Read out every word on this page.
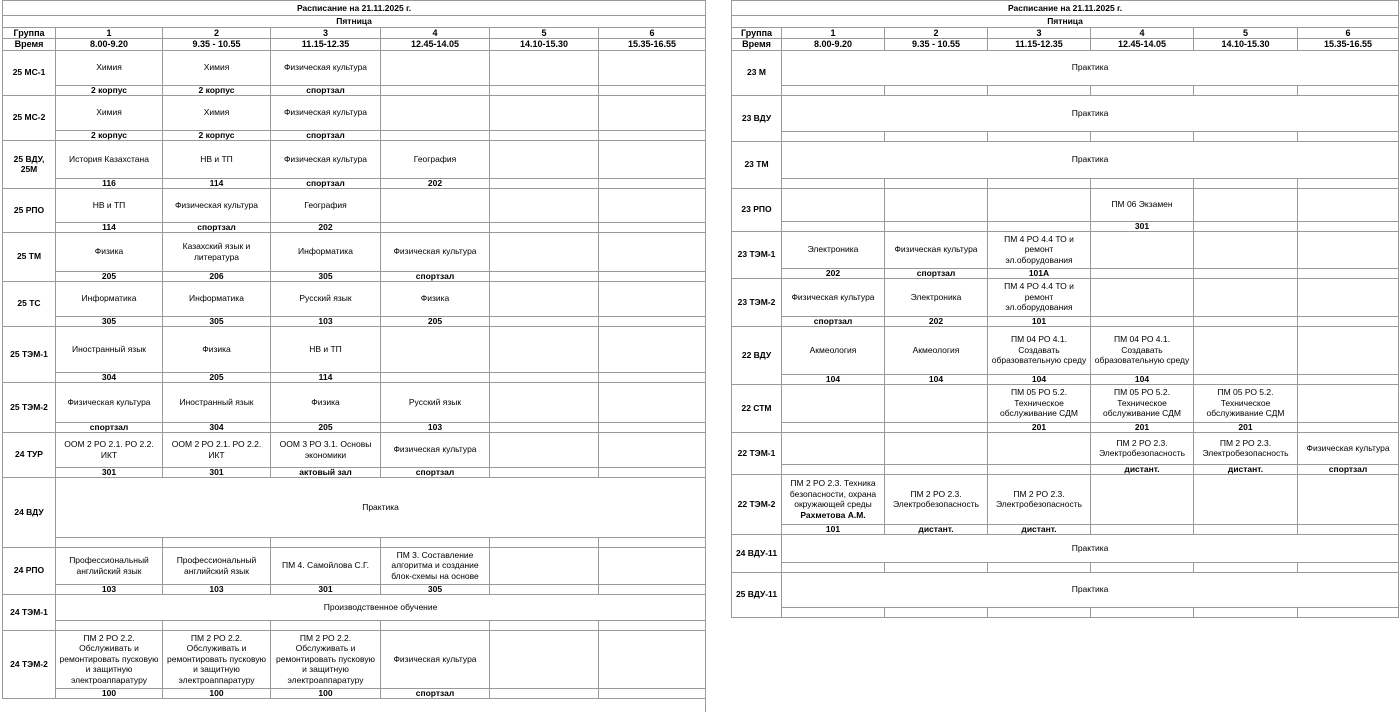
Расписание на 21.11.2025 г.						
Пятница						
Группа	1	2	3	4	5	6
Время	8.00-9.20	9.35 - 10.55	11.15-12.35	12.45-14.05	14.10-15.30	15.35-16.55
25 МС-1	Химия	Химия	Физическая культура			

	2 корпус	2 корпус	спортзал			
25 МС-2	Химия	Химия	Физическая культура			

	2 корпус	2 корпус	спортзал			
25 ВДУ, 25М	История Казахстана	НВ и ТП	Физическая культура	География		

	116	114	спортзал	202		
25 РПО	НВ и ТП	Физическая культура	География			

	114	спортзал	202			
25 ТМ	Физика	Казахский язык и литература	Информатика	Физическая культура		

	205	206	305	спортзал		
25 ТС	Информатика	Информатика	Русский язык	Физика		

	305	305	103	205		
25 ТЭМ-1	Иностранный язык	Физика	НВ и ТП			

	304	205	114			
25 ТЭМ-2	Физическая культура	Иностранный язык	Физика	Русский язык		

	спортзал	304	205	103		
24 ТУР	ООМ 2 РО 2.1. РО 2.2. ИКТ	ООМ 2 РО 2.1. РО 2.2. ИКТ	ООМ 3 РО 3.1. Основы экономики	Физическая культура		

	301	301	актовый зал	спортзал		
24 ВДУ	Практика					

24 РПО	Профессиональный английский язык	Профессиональный английский язык	ПМ 4. Самойлова С.Г.	ПМ 3. Составление алгоритма и создание блок-схемы на основе		

	103	103	301	305		
24 ТЭМ-1	Производственное обучение					

24 ТЭМ-2	ПМ 2 РО 2.2. Обслуживать и ремонтировать пусковую и защитную электроаппаратуру	ПМ 2 РО 2.2. Обслуживать и ремонтировать пусковую и защитную электроаппаратуру	ПМ 2 РО 2.2. Обслуживать и ремонтировать пусковую и защитную электроаппаратуру	Физическая культура		

	100	100	100	спортзал		
Расписание на 21.11.2025 г.						
Пятница						
Группа	1	2	3	4	5	6
Время	8.00-9.20	9.35 - 10.55	11.15-12.35	12.45-14.05	14.10-15.30	15.35-16.55
23 М	Практика					

23 ВДУ	Практика					

23 ТМ	Практика					

23 РПО				ПМ 06 Экзамен		

				301		
23 ТЭМ-1	Электроника	Физическая культура	ПМ 4 РО 4.4 ТО и ремонт эл.оборудования			

	202	спортзал	101А			
23 ТЭМ-2	Физическая культура	Электроника	ПМ 4 РО 4.4 ТО и ремонт эл.оборудования			

	спортзал	202	101			
22 ВДУ	Акмеология	Акмеология	ПМ 04 РО 4.1. Создавать образовательную среду	ПМ 04 РО 4.1. Создавать образовательную среду		

	104	104	104	104		
22 СТМ			ПМ 05 РО 5.2. Техническое обслуживание СДМ	ПМ 05 РО 5.2. Техническое обслуживание СДМ	ПМ 05 РО 5.2. Техническое обслуживание СДМ	

			201	201	201	
22 ТЭМ-1				ПМ 2 РО 2.3. Электробезопасность	ПМ 2 РО 2.3. Электробезопасность	Физическая культура

				дистант.	дистант.	спортзал
22 ТЭМ-2	ПМ 2 РО 2.3. Техника безопасности, охрана окружающей среды
Рахметова А.М.	ПМ 2 РО 2.3. Электробезопасность	ПМ 2 РО 2.3. Электробезопасность			

	101	дистант.	дистант.			
24 ВДУ-11	Практика					

25 ВДУ-11	Практика					
